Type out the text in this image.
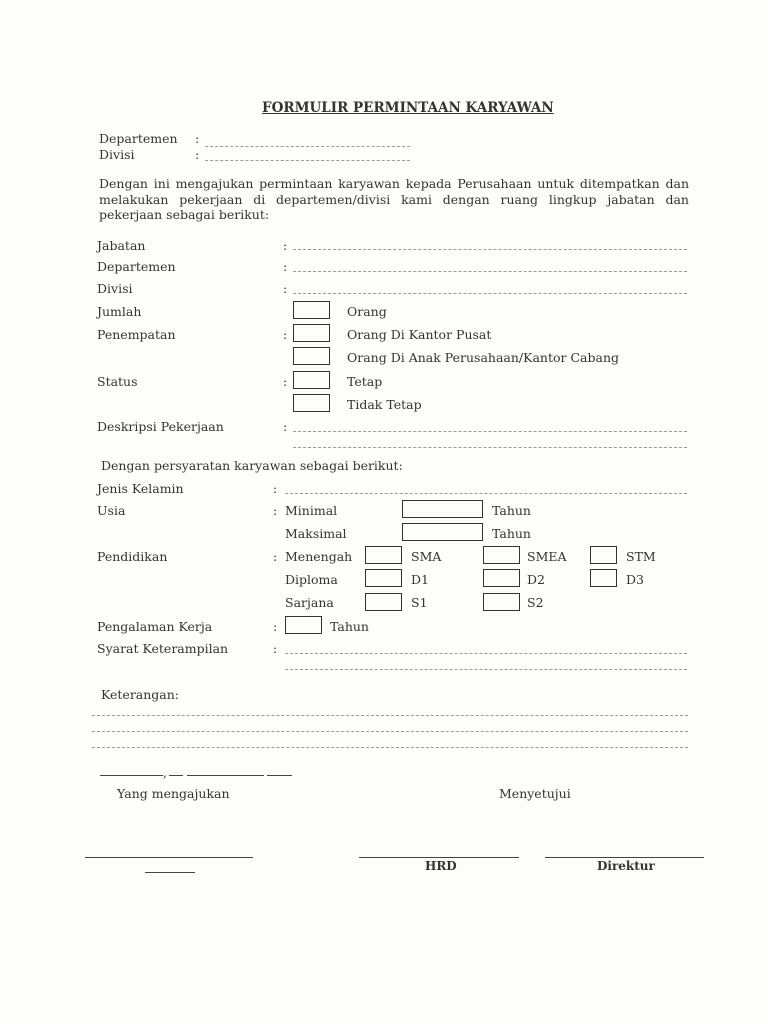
FORMULIR PERMINTAAN KARYAWAN
Departemen :
Divisi	:
Dengan ini mengajukan permintaan karyawan kepada Perusahaan untuk ditempatkan dan melakukan pekerjaan di departemen/divisi kami dengan ruang lingkup jabatan dan pekerjaan sebagai berikut:
Jabatan	:
Departemen	:
Divisi	:
Jumlah	Orang
Penempatan	:	Orang Di Kantor Pusat
Orang Di Anak Perusahaan/Kantor Cabang
Status	:	Tetap
Tidak Tetap
Deskripsi Pekerjaan	:
Dengan persyaratan karyawan sebagai berikut:
Jenis Kelamin	:
Usia	: Minimal	Tahun
Maksimal	Tahun
Pendidikan	: Menengah	SMA	SMEA	STM
Diploma	D1	D2	D3
Sarjana	S1	S2
Pengalaman Kerja	:	Tahun
Syarat Keterampilan	:
Keterangan:
,
Yang mengajukan	Menyetujui
HRD	Direktur
